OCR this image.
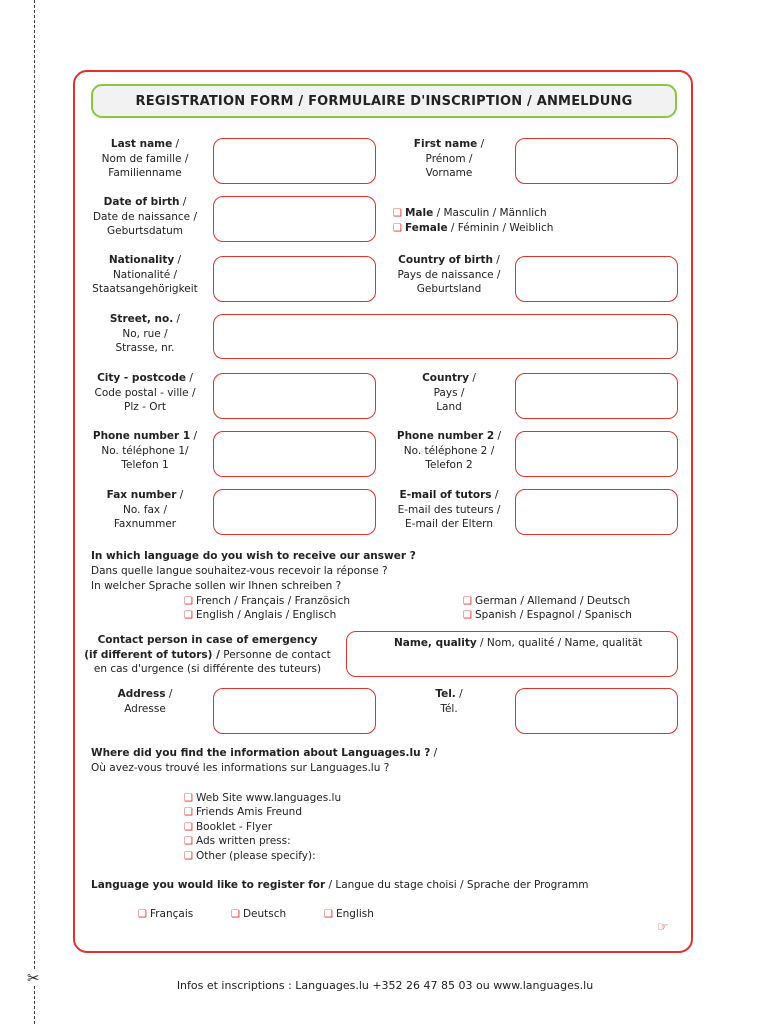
✂
REGISTRATION FORM / FORMULAIRE D'INSCRIPTION / ANMELDUNG
Last name /
Nom de famille /
Familienname
First name /
Prénom /
Vorname
Date of birth /
Date de naissance /
Geburtsdatum
❑ Male / Masculin / Männlich
❑ Female / Féminin / Weiblich
Nationality /
Nationalité /
Staatsangehörigkeit
Country of birth /
Pays de naissance /
Geburtsland
Street, no. /
No, rue /
Strasse, nr.
City - postcode /
Code postal - ville /
Plz - Ort
Country /
Pays /
Land
Phone number 1 /
No. téléphone 1/
Telefon 1
Phone number 2 /
No. téléphone 2 /
Telefon 2
Fax number /
No. fax /
Faxnummer
E-mail of tutors /
E-mail des tuteurs /
E-mail der Eltern
In which language do you wish to receive our answer ?
Dans quelle langue souhaitez-vous recevoir la réponse ?
In welcher Sprache sollen wir Ihnen schreiben ?
❑ French / Français / Französich
❑ English / Anglais / Englisch
❑ German / Allemand / Deutsch
❑ Spanish / Espagnol / Spanisch
Contact person in case of emergency
(if different of tutors) / Personne de contact
en cas d'urgence (si différente des tuteurs)
Name, quality / Nom, qualité / Name, qualität
Address /
Adresse
Tel. /
Tél.
Where did you find the information about Languages.lu ? /
Où avez-vous trouvé les informations sur Languages.lu ?
❑ Web Site www.languages.lu
❑ Friends Amis Freund
❑ Booklet - Flyer
❑ Ads written press:
❑ Other (please specify):
Language you would like to register for / Langue du stage choisi / Sprache der Programm
❑ Français	❑ Deutsch	❑ English
☞
Infos et inscriptions : Languages.lu +352 26 47 85 03 ou www.languages.lu
